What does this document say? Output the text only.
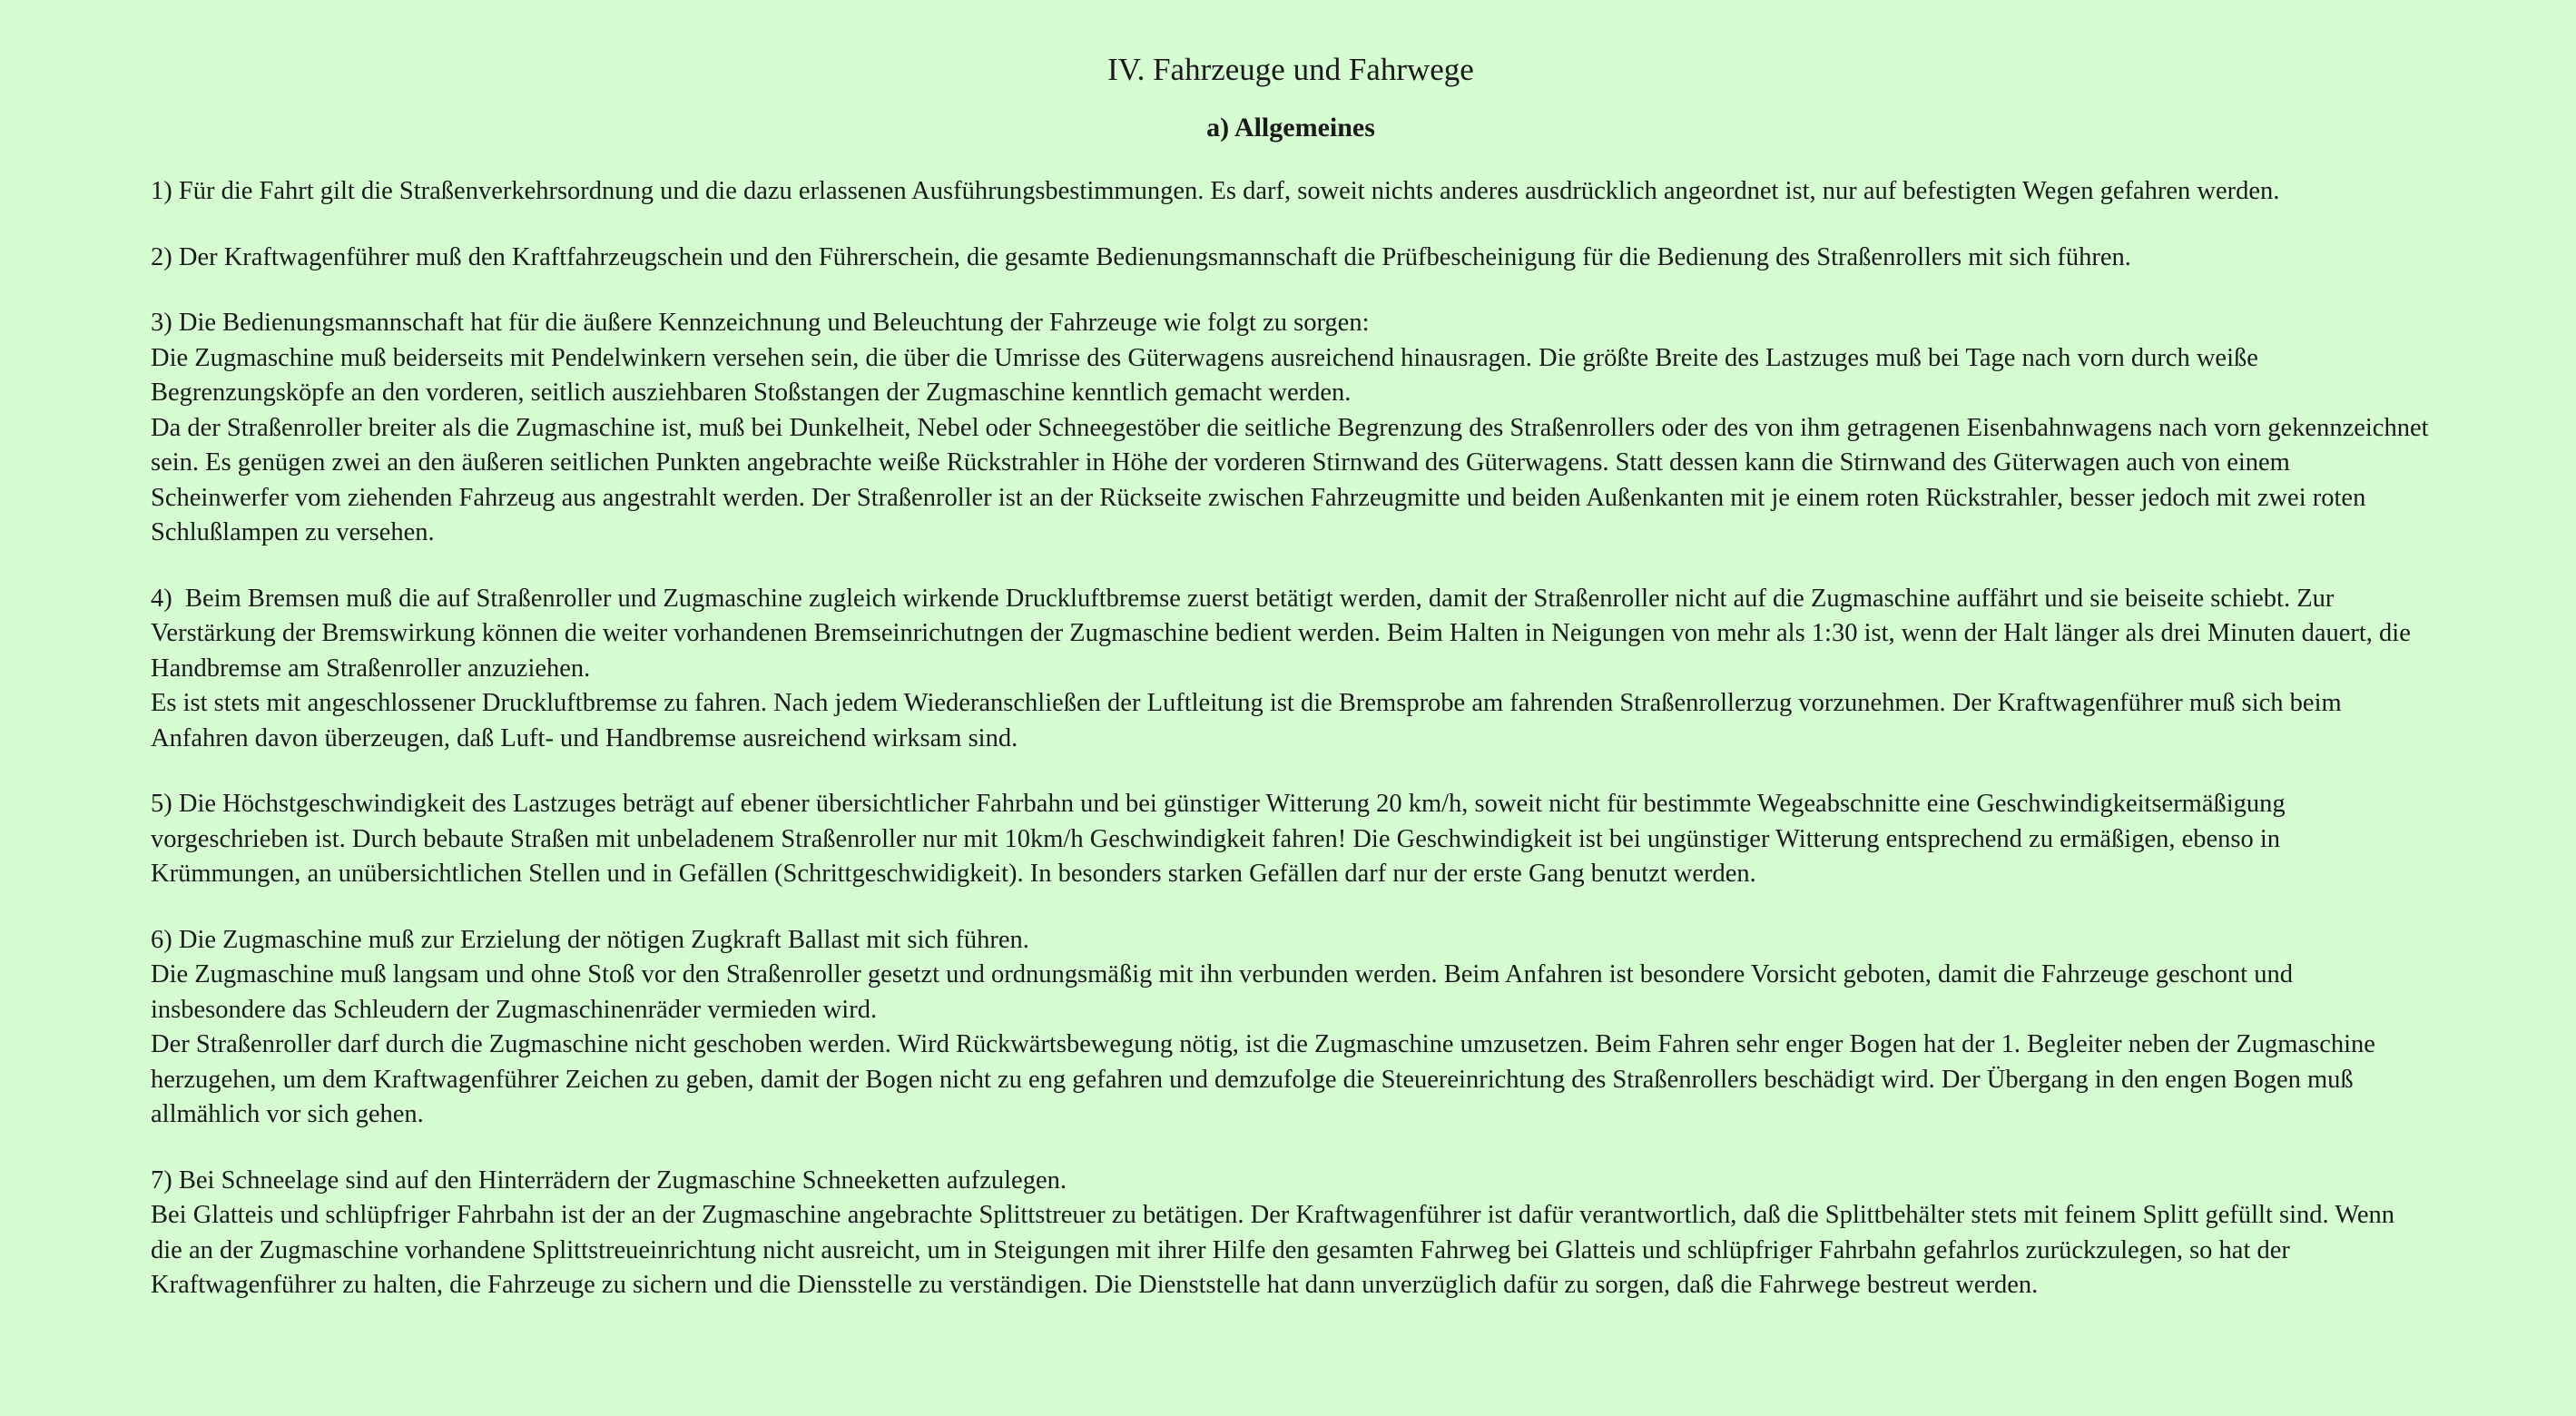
IV. Fahrzeuge und Fahrwege
a) Allgemeines

1) Für die Fahrt gilt die Straßenverkehrsordnung und die dazu erlassenen Ausführungsbestimmungen. Es darf, soweit nichts anderes ausdrücklich angeordnet ist, nur auf befestigten Wegen gefahren werden.

2) Der Kraftwagenführer muß den Kraftfahrzeugschein und den Führerschein, die gesamte Bedienungsmannschaft die Prüfbescheinigung für die Bedienung des Straßenrollers mit sich führen.

3) Die Bedienungsmannschaft hat für die äußere Kennzeichnung und Beleuchtung der Fahrzeuge wie folgt zu sorgen:

Die Zugmaschine muß beiderseits mit Pendelwinkern versehen sein, die über die Umrisse des Güterwagens ausreichend hinausragen. Die größte Breite des Lastzuges muß bei Tage nach vorn durch weiße Begrenzungsköpfe an den vorderen, seitlich ausziehbaren Stoßstangen der Zugmaschine kenntlich gemacht werden.

Da der Straßenroller breiter als die Zugmaschine ist, muß bei Dunkelheit, Nebel oder Schneegestöber die seitliche Begrenzung des Straßenrollers oder des von ihm getragenen Eisenbahnwagens nach vorn gekennzeichnet sein. Es genügen zwei an den äußeren seitlichen Punkten angebrachte weiße Rückstrahler in Höhe der vorderen Stirnwand des Güterwagens. Statt dessen kann die Stirnwand des Güterwagen auch von einem Scheinwerfer vom ziehenden Fahrzeug aus angestrahlt werden. Der Straßenroller ist an der Rückseite zwischen Fahrzeugmitte und beiden Außenkanten mit je einem roten Rückstrahler, besser jedoch mit zwei roten Schlußlampen zu versehen.

4)  Beim Bremsen muß die auf Straßenroller und Zugmaschine zugleich wirkende Druckluftbremse zuerst betätigt werden, damit der Straßenroller nicht auf die Zugmaschine auffährt und sie beiseite schiebt. Zur Verstärkung der Bremswirkung können die weiter vorhandenen Bremseinrichutngen der Zugmaschine bedient werden. Beim Halten in Neigungen von mehr als 1:30 ist, wenn der Halt länger als drei Minuten dauert, die Handbremse am Straßenroller anzuziehen.

Es ist stets mit angeschlossener Druckluftbremse zu fahren. Nach jedem Wiederanschließen der Luftleitung ist die Bremsprobe am fahrenden Straßenrollerzug vorzunehmen. Der Kraftwagenführer muß sich beim Anfahren davon überzeugen, daß Luft- und Handbremse ausreichend wirksam sind.

5) Die Höchstgeschwindigkeit des Lastzuges beträgt auf ebener übersichtlicher Fahrbahn und bei günstiger Witterung 20 km/h, soweit nicht für bestimmte Wegeabschnitte eine Geschwindigkeitsermäßigung vorgeschrieben ist. Durch bebaute Straßen mit unbeladenem Straßenroller nur mit 10km/h Geschwindigkeit fahren! Die Geschwindigkeit ist bei ungünstiger Witterung entsprechend zu ermäßigen, ebenso in Krümmungen, an unübersichtlichen Stellen und in Gefällen (Schrittgeschwidigkeit). In besonders starken Gefällen darf nur der erste Gang benutzt werden.

6) Die Zugmaschine muß zur Erzielung der nötigen Zugkraft Ballast mit sich führen.

Die Zugmaschine muß langsam und ohne Stoß vor den Straßenroller gesetzt und ordnungsmäßig mit ihn verbunden werden. Beim Anfahren ist besondere Vorsicht geboten, damit die Fahrzeuge geschont und insbesondere das Schleudern der Zugmaschinenräder vermieden wird.

Der Straßenroller darf durch die Zugmaschine nicht geschoben werden. Wird Rückwärtsbewegung nötig, ist die Zugmaschine umzusetzen. Beim Fahren sehr enger Bogen hat der 1. Begleiter neben der Zugmaschine herzugehen, um dem Kraftwagenführer Zeichen zu geben, damit der Bogen nicht zu eng gefahren und demzufolge die Steuereinrichtung des Straßenrollers beschädigt wird. Der Übergang in den engen Bogen muß allmählich vor sich gehen.

7) Bei Schneelage sind auf den Hinterrädern der Zugmaschine Schneeketten aufzulegen.

Bei Glatteis und schlüpfriger Fahrbahn ist der an der Zugmaschine angebrachte Splittstreuer zu betätigen. Der Kraftwagenführer ist dafür verantwortlich, daß die Splittbehälter stets mit feinem Splitt gefüllt sind. Wenn die an der Zugmaschine vorhandene Splittstreueinrichtung nicht ausreicht, um in Steigungen mit ihrer Hilfe den gesamten Fahrweg bei Glatteis und schlüpfriger Fahrbahn gefahrlos zurückzulegen, so hat der Kraftwagenführer zu halten, die Fahrzeuge zu sichern und die Diensstelle zu verständigen. Die Dienststelle hat dann unverzüglich dafür zu sorgen, daß die Fahrwege bestreut werden.
